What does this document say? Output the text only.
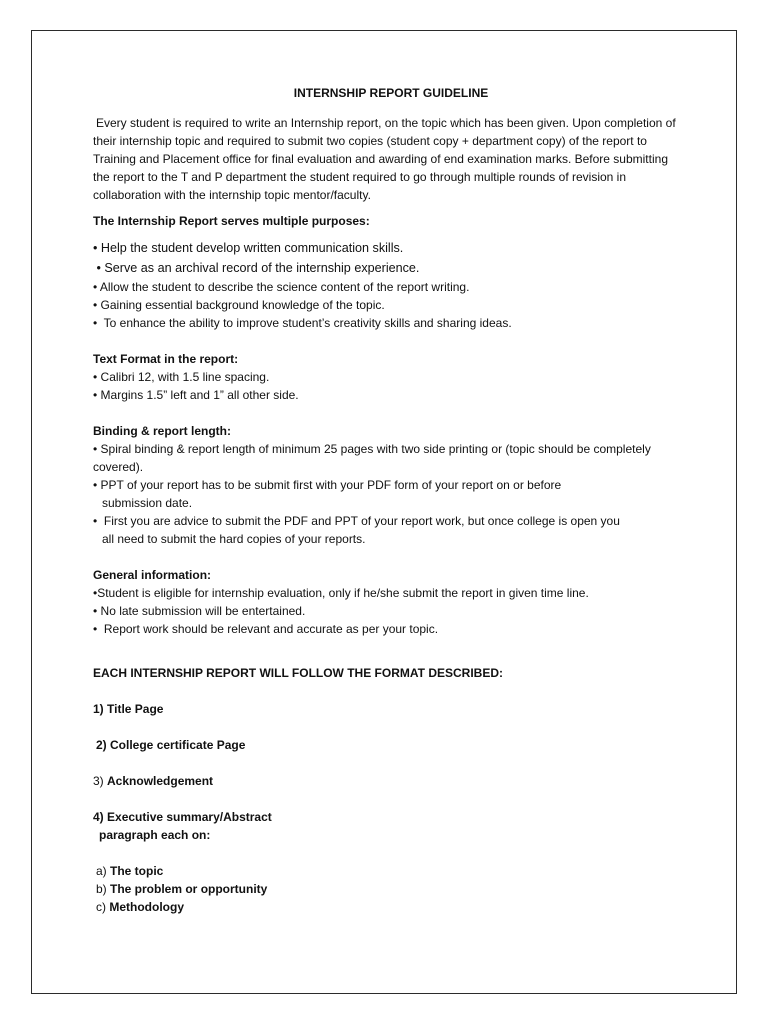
INTERNSHIP REPORT GUIDELINE

Every student is required to write an Internship report, on the topic which has been given. Upon completion of their internship topic and required to submit two copies (student copy + department copy) of the report to Training and Placement office for final evaluation and awarding of end examination marks. Before submitting the report to the T and P department the student required to go through multiple rounds of revision in collaboration with the internship topic mentor/faculty.

The Internship Report serves multiple purposes:

• Help the student develop written communication skills.

• Serve as an archival record of the internship experience.

• Allow the student to describe the science content of the report writing.

• Gaining essential background knowledge of the topic.

•  To enhance the ability to improve student’s creativity skills and sharing ideas.

Text Format in the report:

• Calibri 12, with 1.5 line spacing.

• Margins 1.5” left and 1” all other side.

Binding & report length:

• Spiral binding & report length of minimum 25 pages with two side printing or (topic should be completely covered).

• PPT of your report has to be submit first with your PDF form of your report on or before

submission date.

•  First you are advice to submit the PDF and PPT of your report work, but once college is open you

all need to submit the hard copies of your reports.

General information:

•Student is eligible for internship evaluation, only if he/she submit the report in given time line.

• No late submission will be entertained.

•  Report work should be relevant and accurate as per your topic.

EACH INTERNSHIP REPORT WILL FOLLOW THE FORMAT DESCRIBED:

1) Title Page

2) College certificate Page

3) Acknowledgement

4) Executive summary/Abstract

paragraph each on:

a) The topic

b) The problem or opportunity

c) Methodology
